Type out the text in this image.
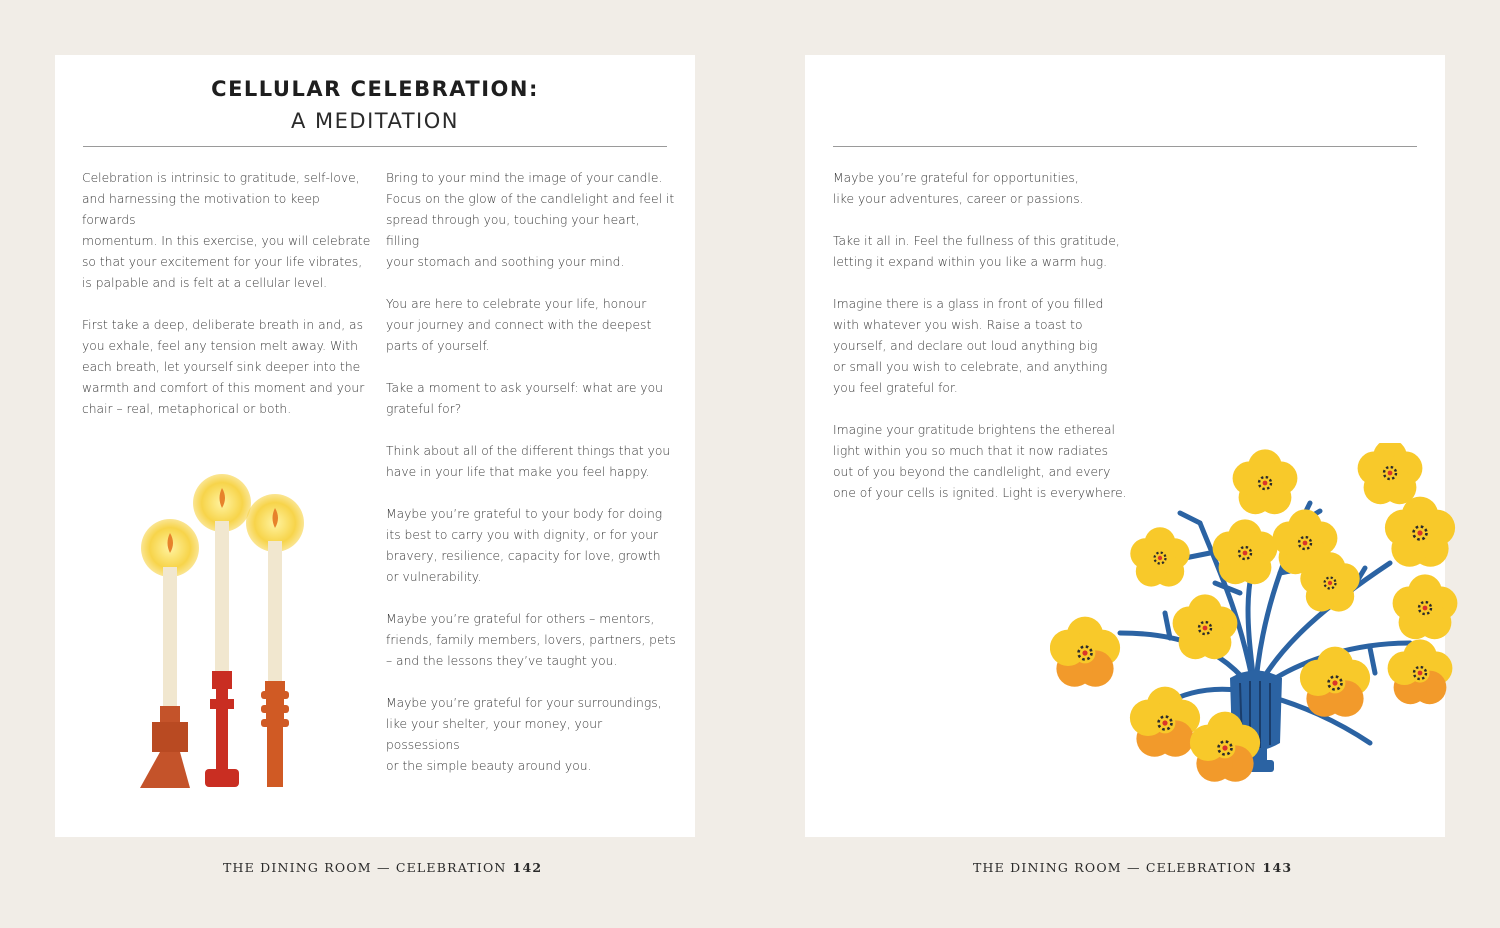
CELLULAR CELEBRATION:
A MEDITATION

Celebration is intrinsic to gratitude, self-love,
and harnessing the motivation to keep forwards
momentum. In this exercise, you will celebrate
so that your excitement for your life vibrates,
is palpable and is felt at a cellular level.

First take a deep, deliberate breath in and, as
you exhale, feel any tension melt away. With
each breath, let yourself sink deeper into the
warmth and comfort of this moment and your
chair – real, metaphorical or both.

Bring to your mind the image of your candle.
Focus on the glow of the candlelight and feel it
spread through you, touching your heart, filling
your stomach and soothing your mind.

You are here to celebrate your life, honour
your journey and connect with the deepest
parts of yourself.

Take a moment to ask yourself: what are you
grateful for?

Think about all of the different things that you
have in your life that make you feel happy.

Maybe you’re grateful to your body for doing
its best to carry you with dignity, or for your
bravery, resilience, capacity for love, growth
or vulnerability.

Maybe you’re grateful for others – mentors,
friends, family members, lovers, partners, pets
– and the lessons they’ve taught you.

Maybe you’re grateful for your surroundings,
like your shelter, your money, your possessions
or the simple beauty around you.

THE DINING ROOM — CELEBRATION 142

Maybe you’re grateful for opportunities,
like your adventures, career or passions.

Take it all in. Feel the fullness of this gratitude,
letting it expand within you like a warm hug.

Imagine there is a glass in front of you filled
with whatever you wish. Raise a toast to
yourself, and declare out loud anything big
or small you wish to celebrate, and anything
you feel grateful for.

Imagine your gratitude brightens the ethereal
light within you so much that it now radiates
out of you beyond the candlelight, and every
one of your cells is ignited. Light is everywhere.

THE DINING ROOM — CELEBRATION 143
